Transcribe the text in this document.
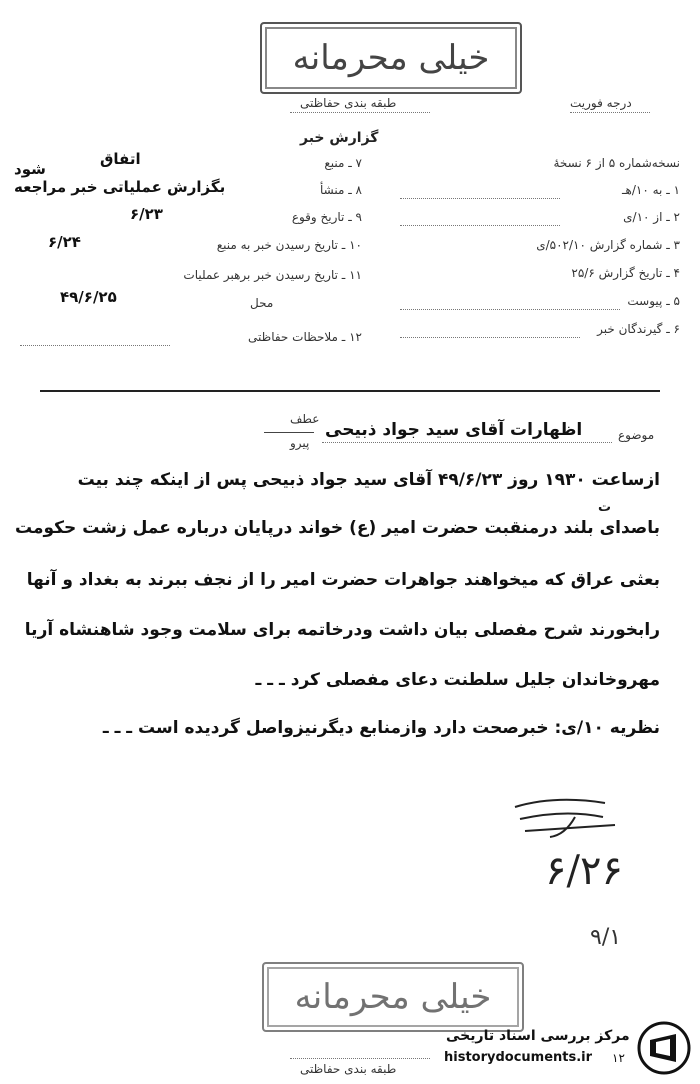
خیلی محرمانه
درجه فوریت
طبقه بندی حفاظتی
گزارش خبر
نسخه‌شماره ۵ از ۶ نسخهٔ
۱ ـ به ۱۰/هـ
۲ ـ از ۱۰/ی
۳ ـ شماره گزارش ۵۰۲/۱۰/ی
۴ ـ تاریخ گزارش ۲۵/۶
۵ ـ پیوست
۶ ـ گیرندگان خبر
۷ ـ منبع
اتفاق
شود
۸ ـ منشأ
بگزارش عملیاتی خبر مراجعه
۹ ـ تاریخ وقوع
۶/۲۳
۱۰ ـ تاریخ رسیدن خبر به منبع
۶/۲۴
۱۱ ـ تاریخ رسیدن خبر برهبر عملیات
محل
۴۹/۶/۲۵
۱۲ ـ ملاحظات حفاظتی
موضوع
اظهارات آقای سید جواد ذبیحی
عطف
پیرو
ازساعت ۱۹۳۰ روز ۴۹/۶/۲۳ آقای سید جواد ذبیحی پس از اینکه چند بیت
ت
باصدای بلند درمنقبت حضرت امیر (ع) خواند درپایان درباره عمل زشت حکومت
بعثی عراق که میخواهند جواهرات حضرت امیر را از نجف ببرند به بغداد و آنها
رابخورند شرح مفصلی بیان داشت ودرخاتمه برای سلامت وجود شاهنشاه آریا
مهروخاندان جلیل سلطنت دعای مفصلی کرد ـ ـ ـ
نظریه ۱۰/ی: خبرصحت دارد وازمنابع دیگرنیزواصل گردیده است ـ ـ ـ
۶/۲۶
۹/۱
خیلی محرمانه
طبقه بندی حفاظتی
مرکز بررسی اسناد تاریخی
historydocuments.ir ۱۲
